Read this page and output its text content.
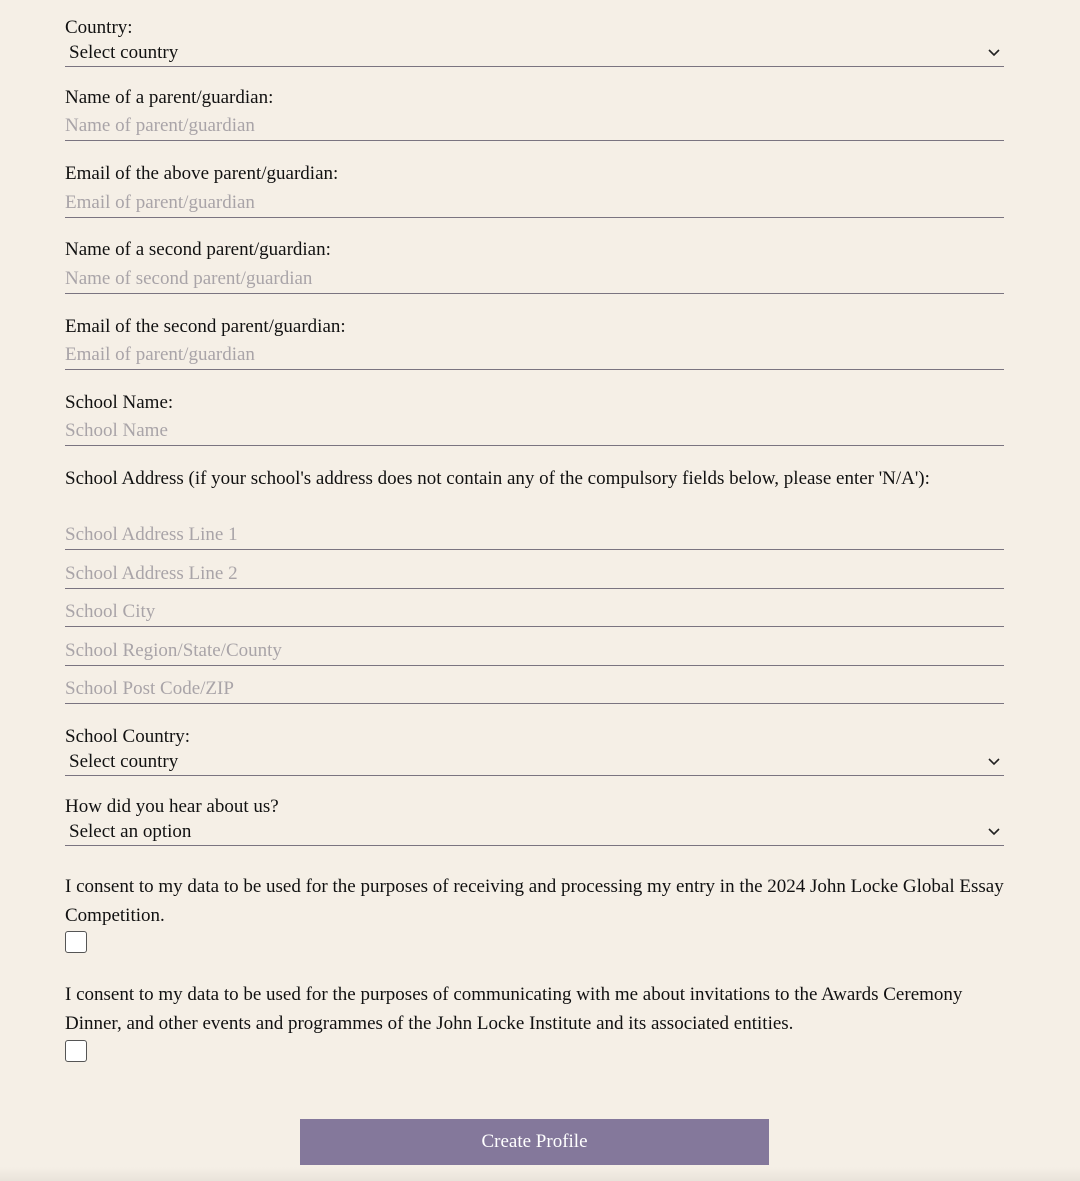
Country:
Select country
Name of a parent/guardian:
Name of parent/guardian
Email of the above parent/guardian:
Email of parent/guardian
Name of a second parent/guardian:
Name of second parent/guardian
Email of the second parent/guardian:
Email of parent/guardian
School Name:
School Name
School Address (if your school's address does not contain any of the compulsory fields below, please enter 'N/A'):
School Address Line 1
School Address Line 2
School City
School Region/State/County
School Post Code/ZIP
School Country:
Select country
How did you hear about us?
Select an option
I consent to my data to be used for the purposes of receiving and processing my entry in the 2024 John Locke Global Essay Competition.
I consent to my data to be used for the purposes of communicating with me about invitations to the Awards Ceremony Dinner, and other events and programmes of the John Locke Institute and its associated entities.
Create Profile
